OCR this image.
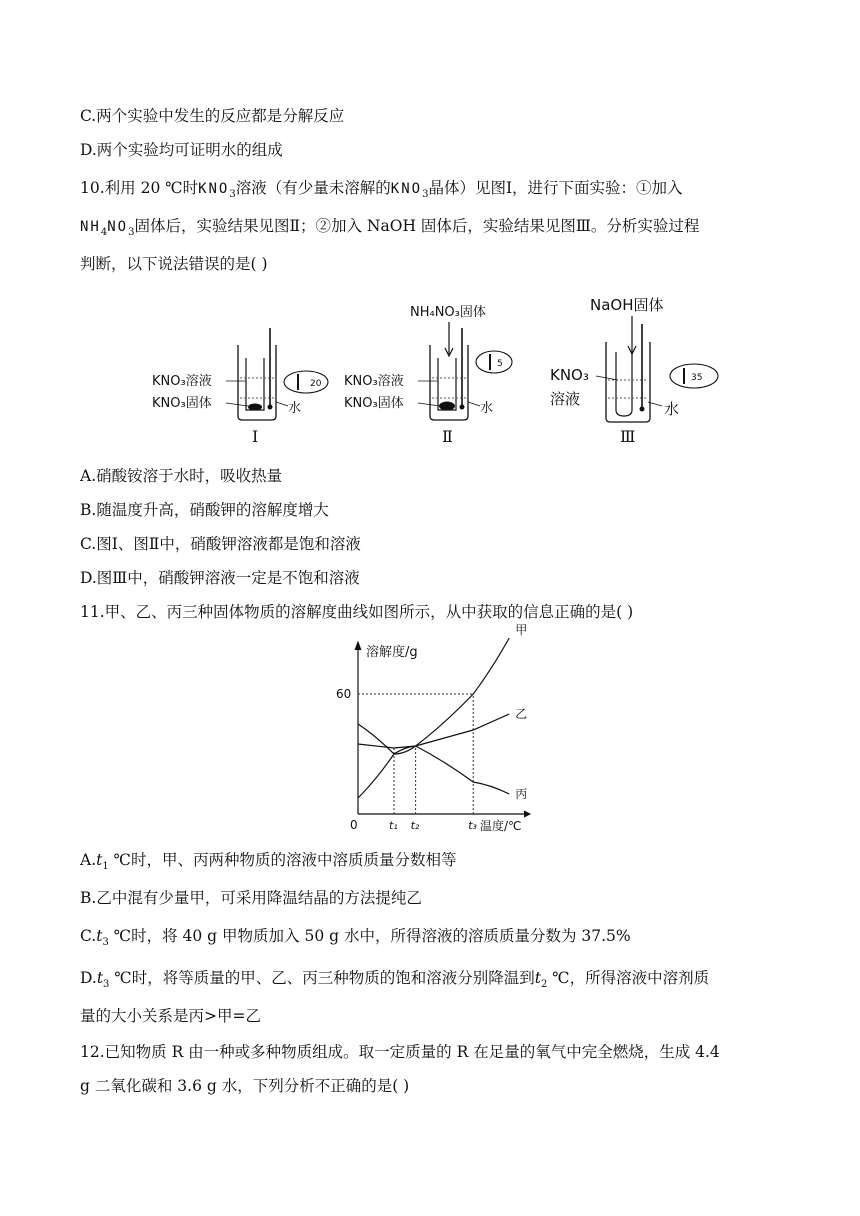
C.两个实验中发生的反应都是分解反应
D.两个实验均可证明水的组成
10.利用 20 ℃时$KNO_3$溶液（有少量未溶解的$KNO_3$晶体）见图Ⅰ，进行下面实验：①加入
$NH_4NO_3$固体后，实验结果见图Ⅱ；②加入 NaOH 固体后，实验结果见图Ⅲ。分析实验过程
判断，以下说法错误的是( )
KNO₃溶液
KNO₃固体	水
20
Ⅰ
NH₄NO₃固体
KNO₃溶液
KNO₃固体	水
5
Ⅱ
NaOH固体
KNO₃
溶液
水
35
Ⅲ
A.硝酸铵溶于水时，吸收热量
B.随温度升高，硝酸钾的溶解度增大
C.图Ⅰ、图Ⅱ中，硝酸钾溶液都是饱和溶液
D.图Ⅲ中，硝酸钾溶液一定是不饱和溶液
11.甲、乙、丙三种固体物质的溶解度曲线如图所示，从中获取的信息正确的是( )
溶解度/g
温度/℃
0
60
t₁ t₂	t₃
甲
乙
丙
$A.t_1$ ℃时，甲、丙两种物质的溶液中溶质质量分数相等
B.乙中混有少量甲，可采用降温结晶的方法提纯乙
$C.t_3$ ℃时，将 40 g 甲物质加入 50 g 水中，所得溶液的溶质质量分数为 37.5%
$D.t_3$ ℃时，将等质量的甲、乙、丙三种物质的饱和溶液分别降温到$t_2$ ℃，所得溶液中溶剂质
量的大小关系是丙>甲=乙
12.已知物质 R 由一种或多种物质组成。取一定质量的 R 在足量的氧气中完全燃烧，生成 4.4
g 二氧化碳和 3.6 g 水，下列分析不正确的是( )
